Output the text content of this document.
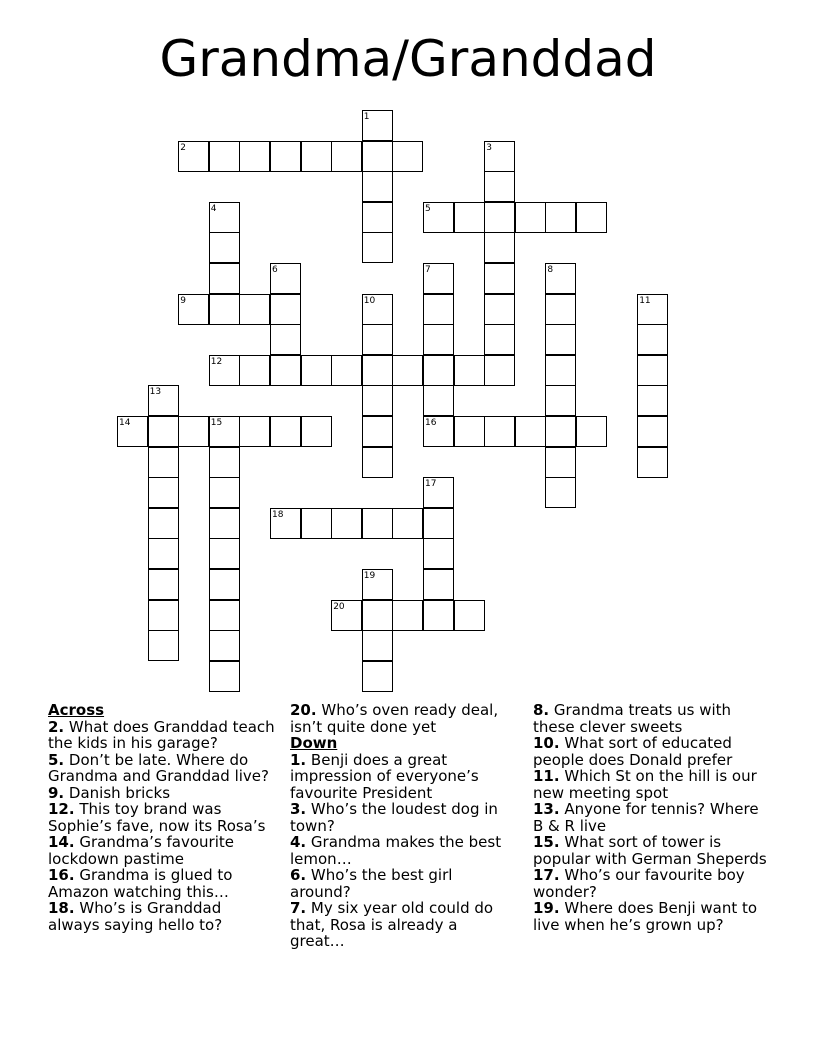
Grandma/Granddad
1
2	3
4	5
6	7	8
9	10	11
12
13
14	15	16
17
18
19
20

Across

2. What does Granddad teach the kids in his garage?

5. Don’t be late. Where do Grandma and Granddad live?

9. Danish bricks

12. This toy brand was Sophie’s fave, now its Rosa’s

14. Grandma’s favourite lockdown pastime

16. Grandma is glued to Amazon watching this…

18. Who’s is Granddad always saying hello to?

20. Who’s oven ready deal, isn’t quite done yet

Down

1. Benji does a great impression of everyone’s favourite President

3. Who’s the loudest dog in town?

4. Grandma makes the best lemon…

6. Who’s the best girl around?

7. My six year old could do that, Rosa is already a great…

8. Grandma treats us with these clever sweets

10. What sort of educated people does Donald prefer

11. Which St on the hill is our new meeting spot

13. Anyone for tennis? Where B & R live

15. What sort of tower is popular with German Sheperds

17. Who’s our favourite boy wonder?

19. Where does Benji want to live when he’s grown up?
